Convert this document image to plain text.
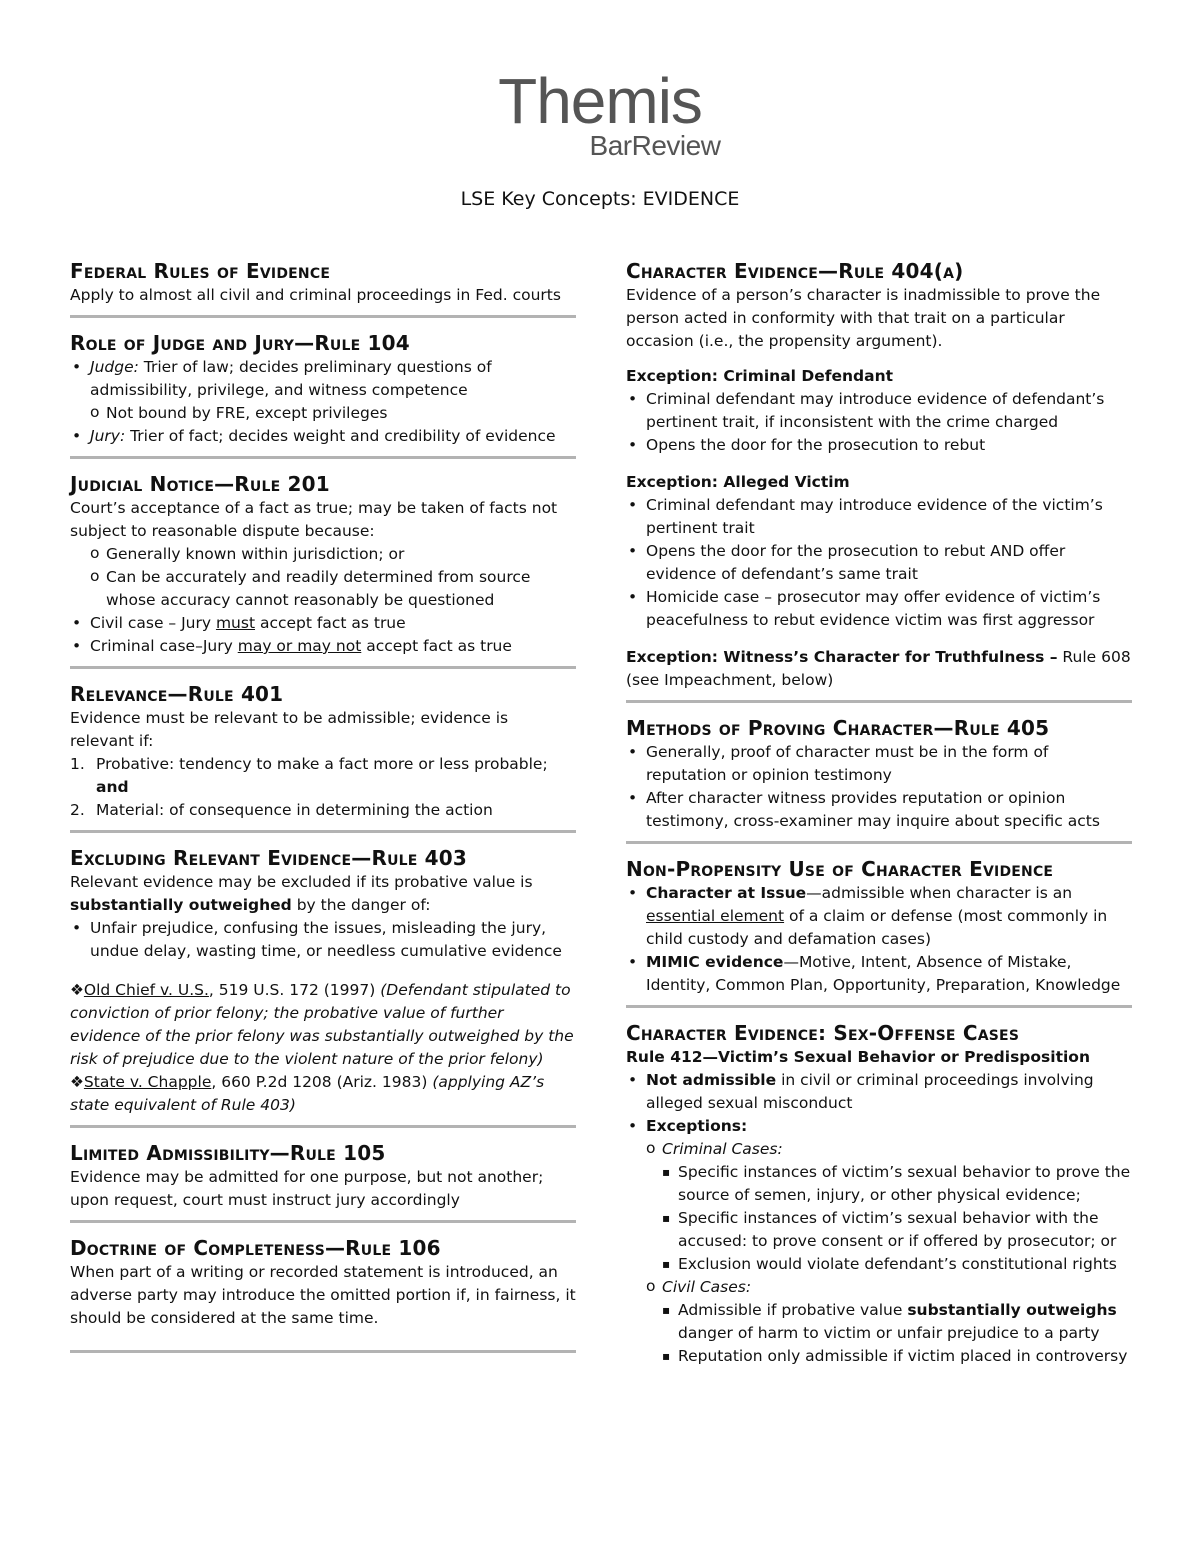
Themis
BarReview
LSE Key Concepts: EVIDENCE
Federal Rules of Evidence

Apply to almost all civil and criminal proceedings in Fed. courts

Role of Judge and Jury—Rule 104
• Judge: Trier of law; decides preliminary questions of admissibility, privilege, and witness competence
o Not bound by FRE, except privileges
• Jury: Trier of fact; decides weight and credibility of evidence
Judicial Notice—Rule 201

Court’s acceptance of a fact as true; may be taken of facts not subject to reasonable dispute because:

o Generally known within jurisdiction; or
o Can be accurately and readily determined from source whose accuracy cannot reasonably be questioned
• Civil case – Jury must accept fact as true
• Criminal case–Jury may or may not accept fact as true
Relevance—Rule 401

Evidence must be relevant to be admissible; evidence is relevant if:

1. Probative: tendency to make a fact more or less probable;
and
2. Material: of consequence in determining the action
Excluding Relevant Evidence—Rule 403

Relevant evidence may be excluded if its probative value is substantially outweighed by the danger of:

• Unfair prejudice, confusing the issues, misleading the jury, undue delay, wasting time, or needless cumulative evidence

❖Old Chief v. U.S., 519 U.S. 172 (1997) (Defendant stipulated to conviction of prior felony; the probative value of further evidence of the prior felony was substantially outweighed by the risk of prejudice due to the violent nature of the prior felony)

❖State v. Chapple, 660 P.2d 1208 (Ariz. 1983) (applying AZ’s state equivalent of Rule 403)

Limited Admissibility—Rule 105

Evidence may be admitted for one purpose, but not another; upon request, court must instruct jury accordingly

Doctrine of Completeness—Rule 106

When part of a writing or recorded statement is introduced, an adverse party may introduce the omitted portion if, in fairness, it should be considered at the same time.

Character Evidence—Rule 404(a)

Evidence of a person’s character is inadmissible to prove the person acted in conformity with that trait on a particular occasion (i.e., the propensity argument).

Exception: Criminal Defendant

• Criminal defendant may introduce evidence of defendant’s pertinent trait, if inconsistent with the crime charged
• Opens the door for the prosecution to rebut

Exception: Alleged Victim

• Criminal defendant may introduce evidence of the victim’s pertinent trait
• Opens the door for the prosecution to rebut AND offer evidence of defendant’s same trait
• Homicide case – prosecutor may offer evidence of victim’s peacefulness to rebut evidence victim was first aggressor

Exception: Witness’s Character for Truthfulness – Rule 608 (see Impeachment, below)

Methods of Proving Character—Rule 405
• Generally, proof of character must be in the form of reputation or opinion testimony
• After character witness provides reputation or opinion testimony, cross-examiner may inquire about specific acts
Non-Propensity Use of Character Evidence
• Character at Issue—admissible when character is an essential element of a claim or defense (most commonly in child custody and defamation cases)
• MIMIC evidence—Motive, Intent, Absence of Mistake, Identity, Common Plan, Opportunity, Preparation, Knowledge
Character Evidence: Sex-Offense Cases

Rule 412—Victim’s Sexual Behavior or Predisposition

• Not admissible in civil or criminal proceedings involving alleged sexual misconduct
• Exceptions:
o Criminal Cases:
▪ Specific instances of victim’s sexual behavior to prove the source of semen, injury, or other physical evidence;
▪ Specific instances of victim’s sexual behavior with the accused: to prove consent or if offered by prosecutor; or
▪ Exclusion would violate defendant’s constitutional rights
o Civil Cases:
▪ Admissible if probative value substantially outweighs danger of harm to victim or unfair prejudice to a party
▪ Reputation only admissible if victim placed in controversy
